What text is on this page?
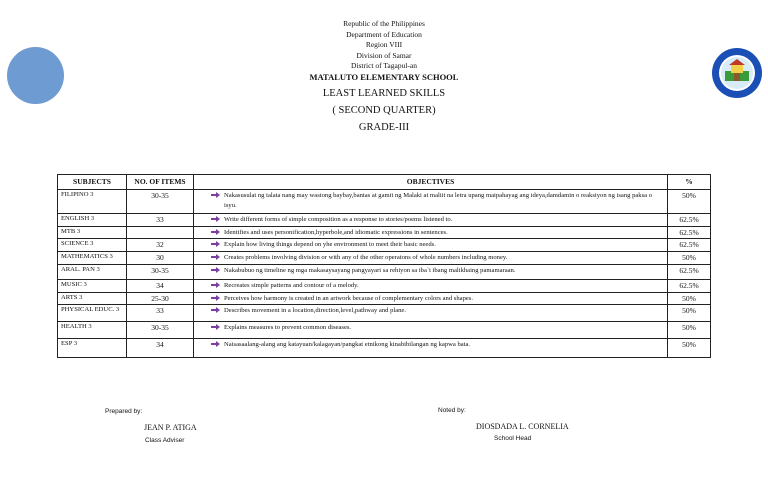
Republic of the Philippines
Department of Education
Region VIII
Division of Samar
District of Tagapul-an
MATALUTO ELEMENTARY SCHOOL
LEAST LEARNED SKILLS
( SECOND QUARTER)
GRADE-III
SUBJECTS	NO. OF ITEMS	OBJECTIVES	%
FILIPINO 3	30-35	Nakasusulat ng talata nang may wastong baybay,bantas at gamit ng Malaki at maliit na letra upang maipahayag ang ideya,damdamin o reaksiyon ng isang paksa o isyu.	50%
ENGLISH 3	33	Write different forms of simple composition as a response to stories/poems listened to.	62.5%
MTB 3		Identifies and uses personification,hyperbole,and idiomatic expressions in sentences.	62.5%
SCIENCE 3	32	Explain how living things depend on yhe environment to meet their basic needs.	62.5%
MATHEMATICS 3	30	Creates problems involving division or with any of the other operatons of whole numbers including money.	50%
ARAL. PAN 3	30-35	Nakabubuo ng timeline ng mga makasaysayang pangyayari sa rehiyon sa iba`t ibang malikhaing pamamaraan.	62.5%
MUSIC 3	34	Recreates simple patterns and contour of a melody.	62.5%
ARTS 3	25-30	Perceives how harmony is created in an artwork because of complementary colors and shapes.	50%
PHYSICAL EDUC. 3	33	Describes movement in a location,direction,level,pathway and plane.	50%
HEALTH 3	30-35	Explains measures to prevent common diseases.	50%
ESP 3	34	Naisasaalang-alang ang katayuan/kalagayan/pangkat etnikong kinabibilangan ng kapwa bata.	50%
Prepared by:
JEAN P. ATIGA
Class Adviser
Noted by:
DIOSDADA L. CORNELIA
School Head
